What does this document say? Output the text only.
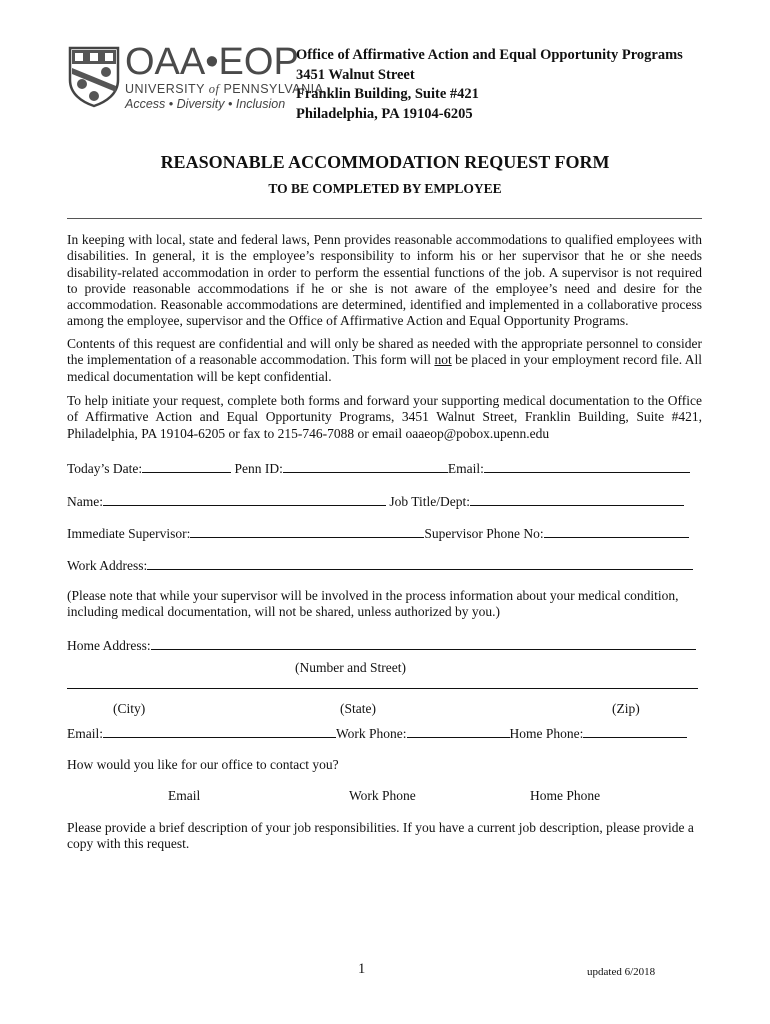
OAA•EOP
UNIVERSITY of PENNSYLVANIA
Access • Diversity • Inclusion
Office of Affirmative Action and Equal Opportunity Programs
3451 Walnut Street
Franklin Building, Suite #421
Philadelphia, PA 19104-6205
REASONABLE ACCOMMODATION REQUEST FORM
TO BE COMPLETED BY EMPLOYEE
In keeping with local, state and federal laws, Penn provides reasonable accommodations to qualified employees with disabilities. In general, it is the employee’s responsibility to inform his or her supervisor that he or she needs disability-related accommodation in order to perform the essential functions of the job. A supervisor is not required to provide reasonable accommodations if he or she is not aware of the employee’s need and desire for the accommodation. Reasonable accommodations are determined, identified and implemented in a collaborative process among the employee, supervisor and the Office of Affirmative Action and Equal Opportunity Programs.
Contents of this request are confidential and will only be shared as needed with the appropriate personnel to consider the implementation of a reasonable accommodation. This form will not be placed in your employment record file. All medical documentation will be kept confidential.
To help initiate your request, complete both forms and forward your supporting medical documentation to the Office of Affirmative Action and Equal Opportunity Programs, 3451 Walnut Street, Franklin Building, Suite #421, Philadelphia, PA 19104-6205 or fax to 215-746-7088 or email oaaeop@pobox.upenn.edu
Today’s Date:	Penn ID:	Email:
Name:	Job Title/Dept:
Immediate Supervisor:	Supervisor Phone No:
Work Address:
(Please note that while your supervisor will be involved in the process information about your medical condition, including medical documentation, will not be shared, unless authorized by you.)
Home Address:
(Number and Street)
(City)	(State)	(Zip)
Email:	Work Phone:	Home Phone:
How would you like for our office to contact you?
Email	Work Phone	Home Phone
Please provide a brief description of your job responsibilities. If you have a current job description, please provide a copy with this request.
1	updated 6/2018
